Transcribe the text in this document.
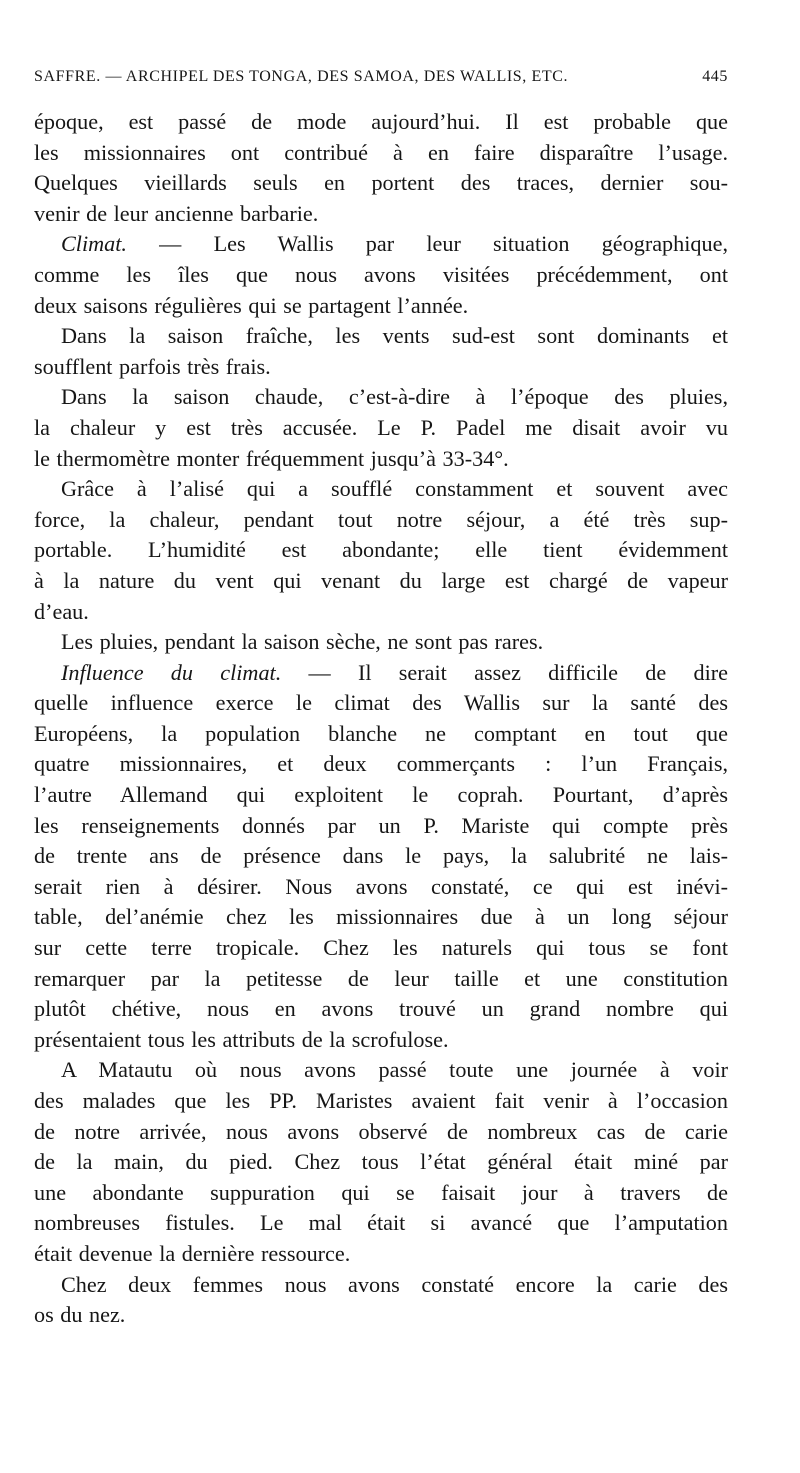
SAFFRE. — ARCHIPEL DES TONGA, DES SAMOA, DES WALLIS, ETC.	445

époque, est passé de mode aujourd’hui. Il est probable que
les missionnaires ont contribué à en faire disparaître l’usage.
Quelques vieillards seuls en portent des traces, dernier sou-
venir de leur ancienne barbarie.

Climat. — Les Wallis par leur situation géographique,
comme les îles que nous avons visitées précédemment, ont
deux saisons régulières qui se partagent l’année.

Dans la saison fraîche, les vents sud-est sont dominants et
soufflent parfois très frais.

Dans la saison chaude, c’est-à-dire à l’époque des pluies,
la chaleur y est très accusée. Le P. Padel me disait avoir vu
le thermomètre monter fréquemment jusqu’à 33-34°.

Grâce à l’alisé qui a soufflé constamment et souvent avec
force, la chaleur, pendant tout notre séjour, a été très sup-
portable. L’humidité est abondante; elle tient évidemment
à la nature du vent qui venant du large est chargé de vapeur
d’eau.

Les pluies, pendant la saison sèche, ne sont pas rares.

Influence du climat. — Il serait assez difficile de dire
quelle influence exerce le climat des Wallis sur la santé des
Européens, la population blanche ne comptant en tout que
quatre missionnaires, et deux commerçants : l’un Français,
l’autre Allemand qui exploitent le coprah. Pourtant, d’après
les renseignements donnés par un P. Mariste qui compte près
de trente ans de présence dans le pays, la salubrité ne lais-
serait rien à désirer. Nous avons constaté, ce qui est inévi-
table, del’anémie chez les missionnaires due à un long séjour
sur cette terre tropicale. Chez les naturels qui tous se font
remarquer par la petitesse de leur taille et une constitution
plutôt chétive, nous en avons trouvé un grand nombre qui
présentaient tous les attributs de la scrofulose.

A Matautu où nous avons passé toute une journée à voir
des malades que les PP. Maristes avaient fait venir à l’occasion
de notre arrivée, nous avons observé de nombreux cas de carie
de la main, du pied. Chez tous l’état général était miné par
une abondante suppuration qui se faisait jour à travers de
nombreuses fistules. Le mal était si avancé que l’amputation
était devenue la dernière ressource.

Chez deux femmes nous avons constaté encore la carie des
os du nez.
